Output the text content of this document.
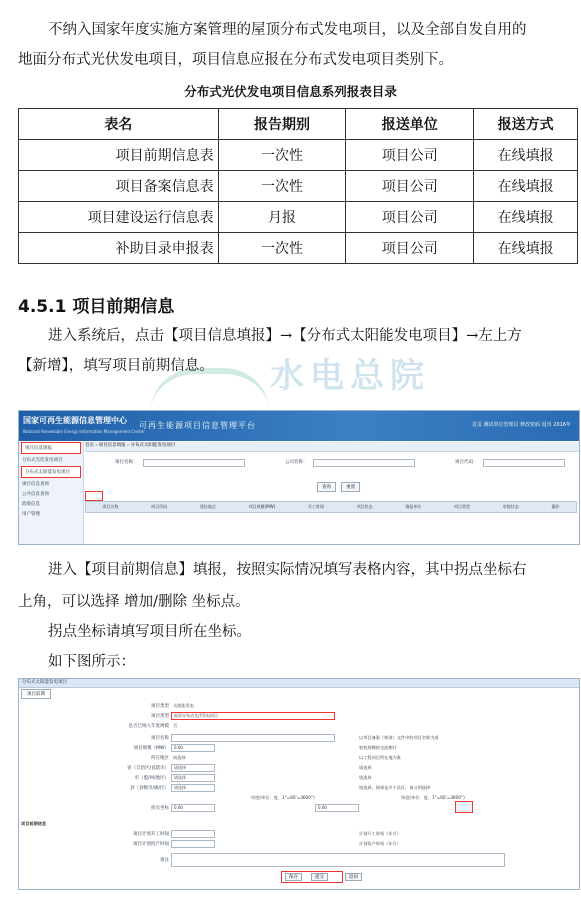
不纳入国家年度实施方案管理的屋顶分布式发电项目，以及全部自发自用的
地面分布式光伏发电项目，项目信息应报在分布式发电项目类别下。
分布式光伏发电项目信息系列报表目录
表名	报告期别	报送单位	报送方式
项目前期信息表	一次性	项目公司	在线填报
项目备案信息表	一次性	项目公司	在线填报
项目建设运行信息表	月报	项目公司	在线填报
补助目录申报表	一次性	项目公司	在线填报
4.5.1 项目前期信息
水电总院
进入系统后，点击【项目信息填报】→【分布式太阳能发电项目】→左上方
【新增】，填写项目前期信息。
国家可再生能源信息管理中心
National Renewable Energy Information Management Center
可再生能源项目信息管理平台	首页 测试单位管理员 修改密码 退出 2016年
项目信息填报
分布式光伏发电项目
分布式太阳能发电项目
项目信息查询
公共信息查询
政策信息
用户管理
首页 › 项目信息填报 › 分布式太阳能发电项目
项目名称：	公司名称：	项目代码：
查询	重置

项目名称	项目代码	建设地点	项目规模(MW)	开工时间	项目状态	填报单位	项目类型	审批状态	操作
进入【项目前期信息】填报，按照实际情况填写表格内容，其中拐点坐标右
上角，可以选择 增加/删除 坐标点。
拐点坐标请填写项目所在坐标。
如下图所示：
分布式太阳能发电项目
项目前期
项目类型 太阳能发电
项目类型	屋顶分布式光伏发电项目
是否已纳入年度规模 否
项目名称	以项目备案（核准）文件中的项目名称为准
项目规模（MW）	0.00	装机规模按交流侧计
所在地区 请选择	以工程项目所在地为准
省（自治区/直辖市）	请选择	请选择
市（盟/州/地区）	请选择	请选择
县（县级市/旗/区）	请选择	请选择，如果是多个县区，请分别选择
经度(单位：度，1°=60'=3600'')	纬度(单位：度，1°=60'=3600'')
拐点坐标	0.00	0.00
项目前期信息
项目计划开工时间	计划开工时间（年月）
项目计划投产时间	计划投产时间（年月）
备注
保存	提交	返回
